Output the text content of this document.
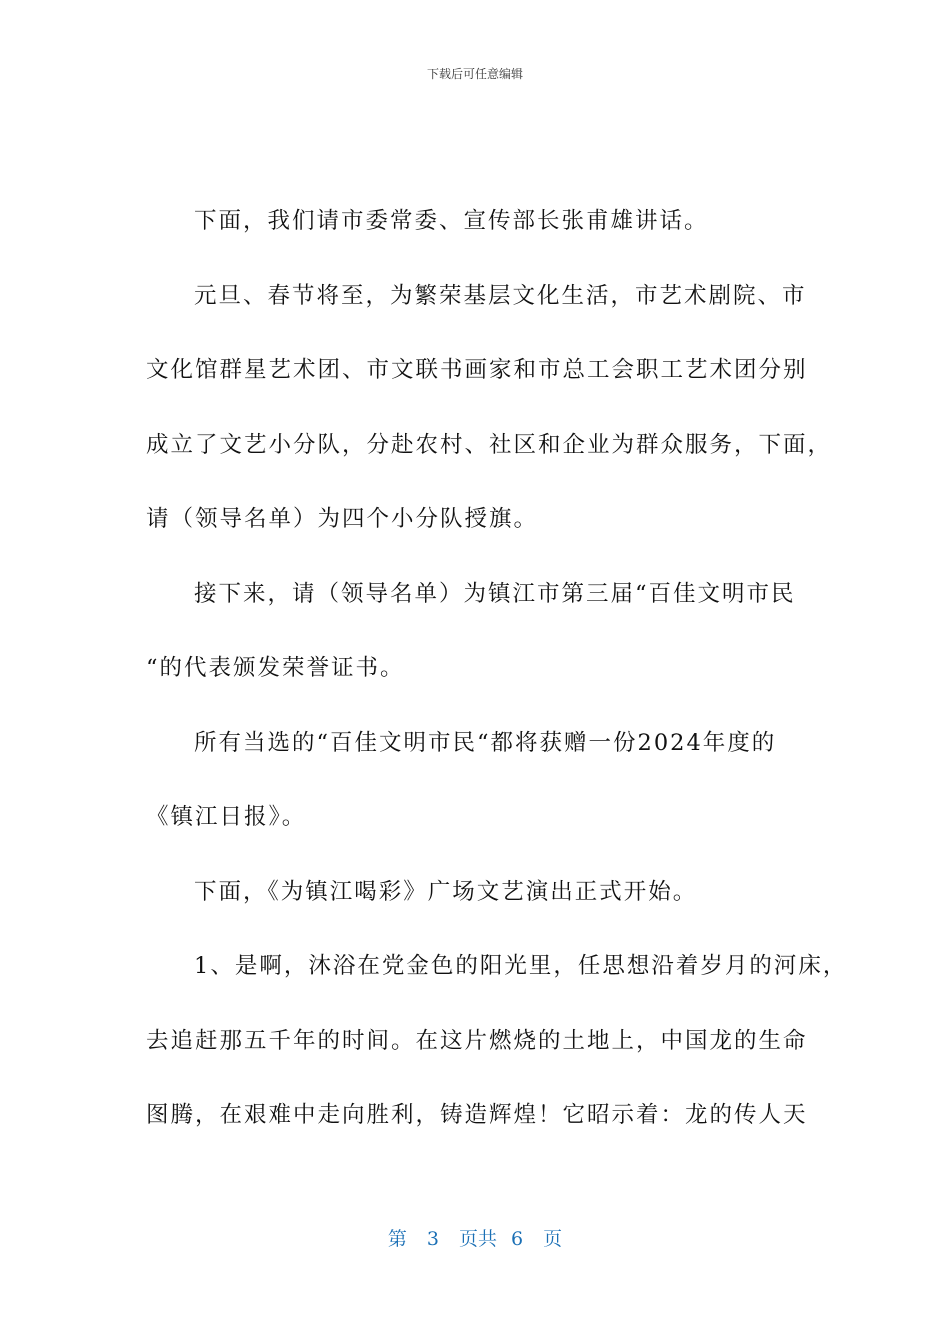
下载后可任意编辑
下面，我们请市委常委、宣传部长张甫雄讲话。
元旦、春节将至，为繁荣基层文化生活，市艺术剧院、市
文化馆群星艺术团、市文联书画家和市总工会职工艺术团分别
成立了文艺小分队，分赴农村、社区和企业为群众服务，下面，
请（领导名单）为四个小分队授旗。
接下来，请（领导名单）为镇江市第三届“百佳文明市民
“的代表颁发荣誉证书。
所有当选的“百佳文明市民“都将获赠一份2024年度的
《镇江日报》。
下面，《为镇江喝彩》广场文艺演出正式开始。
1、是啊，沐浴在党金色的阳光里，任思想沿着岁月的河床，
去追赶那五千年的时间。在这片燃烧的土地上，中国龙的生命
图腾，在艰难中走向胜利，铸造辉煌！它昭示着：龙的传人天
第 3 页共 6 页
